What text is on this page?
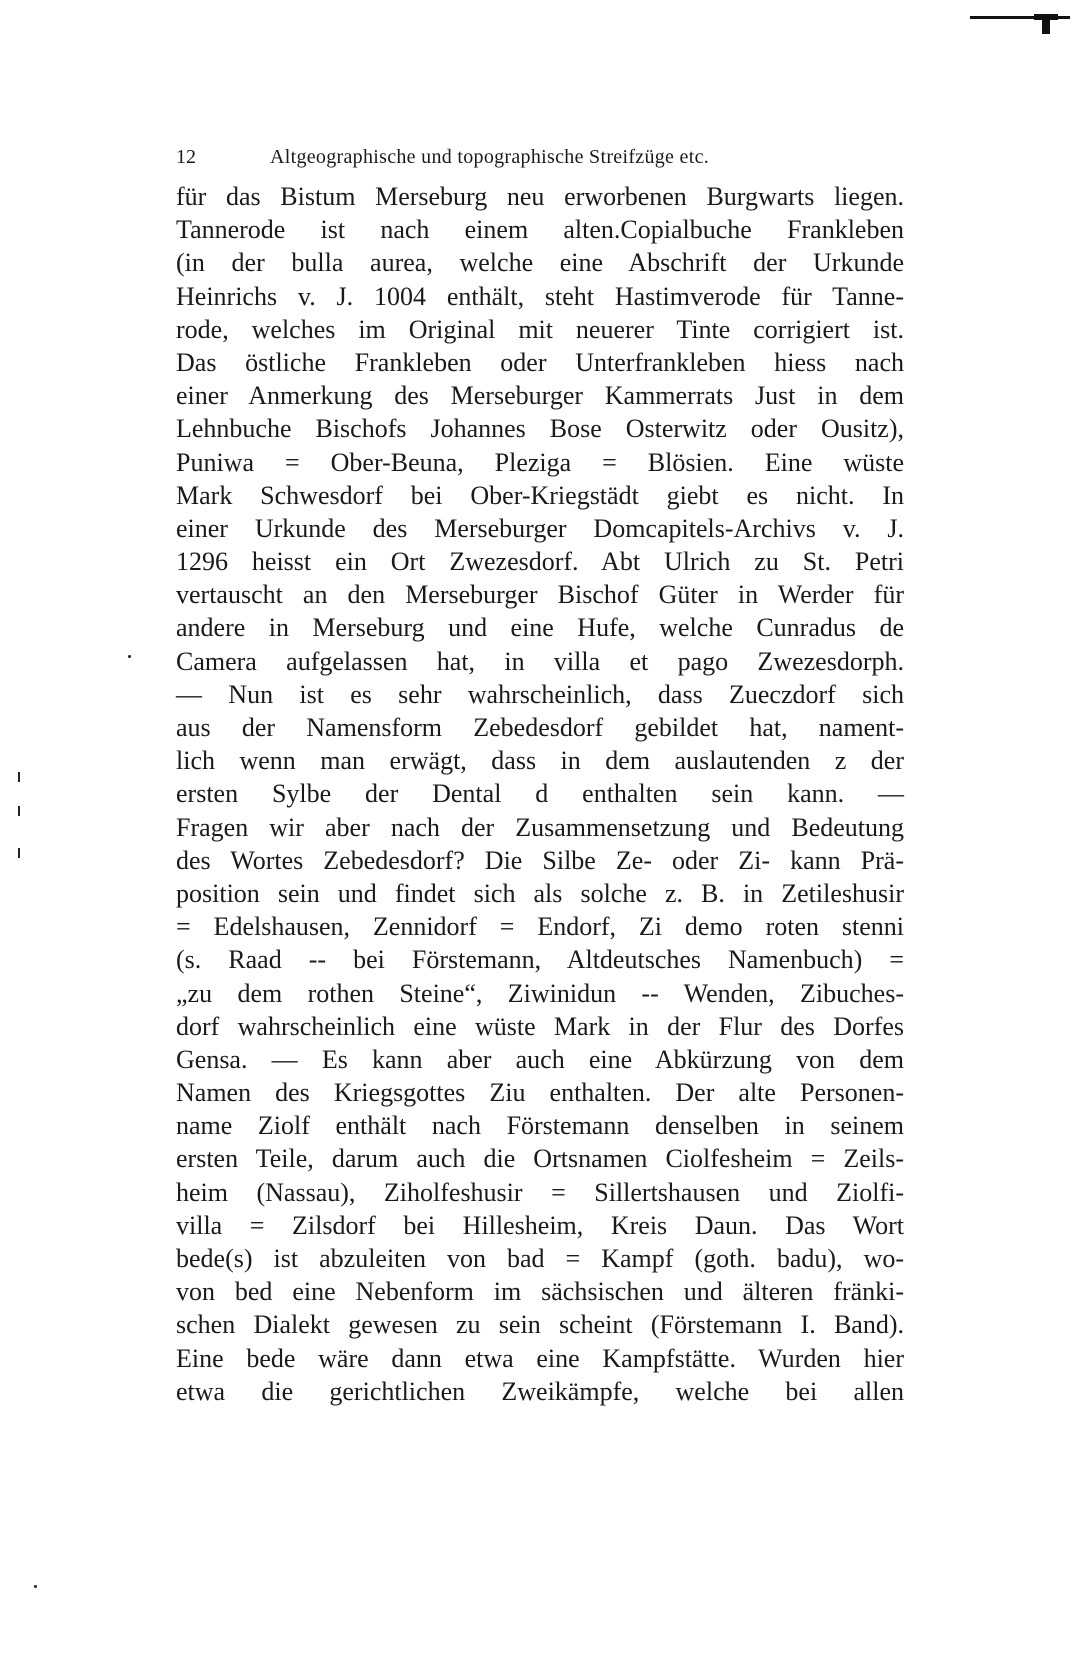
12	Altgeographische und topographische Streifzüge etc.
für das Bistum Merseburg neu erworbenen Burgwarts liegen.
Tannerode ist nach einem alten.Copialbuche Frankleben
(in der bulla aurea, welche eine Abschrift der Urkunde
Heinrichs v. J. 1004 enthält, steht Hastimverode für Tanne-
rode, welches im Original mit neuerer Tinte corrigiert ist.
Das östliche Frankleben oder Unterfrankleben hiess nach
einer Anmerkung des Merseburger Kammerrats Just in dem
Lehnbuche Bischofs Johannes Bose Osterwitz oder Ousitz),
Puniwa = Ober-Beuna, Pleziga = Blösien. Eine wüste
Mark Schwesdorf bei Ober-Kriegstädt giebt es nicht. In
einer Urkunde des Merseburger Domcapitels-Archivs v. J.
1296 heisst ein Ort Zwezesdorf. Abt Ulrich zu St. Petri
vertauscht an den Merseburger Bischof Güter in Werder für
andere in Merseburg und eine Hufe, welche Cunradus de
Camera aufgelassen hat, in villa et pago Zwezesdorph.
— Nun ist es sehr wahrscheinlich, dass Zueczdorf sich
aus der Namensform Zebedesdorf gebildet hat, nament-
lich wenn man erwägt, dass in dem auslautenden z der
ersten Sylbe der Dental d enthalten sein kann. —
Fragen wir aber nach der Zusammensetzung und Bedeutung
des Wortes Zebedesdorf? Die Silbe Ze- oder Zi- kann Prä-
position sein und findet sich als solche z. B. in Zetileshusir
= Edelshausen, Zennidorf = Endorf, Zi demo roten stenni
(s. Raad -- bei Förstemann, Altdeutsches Namenbuch) =
„zu dem rothen Steine“, Ziwinidun -- Wenden, Zibuches-
dorf wahrscheinlich eine wüste Mark in der Flur des Dorfes
Gensa. — Es kann aber auch eine Abkürzung von dem
Namen des Kriegsgottes Ziu enthalten. Der alte Personen-
name Ziolf enthält nach Förstemann denselben in seinem
ersten Teile, darum auch die Ortsnamen Ciolfesheim = Zeils-
heim (Nassau), Ziholfeshusir = Sillertshausen und Ziolfi-
villa = Zilsdorf bei Hillesheim, Kreis Daun. Das Wort
bede(s) ist abzuleiten von bad = Kampf (goth. badu), wo-
von bed eine Nebenform im sächsischen und älteren fränki-
schen Dialekt gewesen zu sein scheint (Förstemann I. Band).
Eine bede wäre dann etwa eine Kampfstätte. Wurden hier
etwa die gerichtlichen Zweikämpfe, welche bei allen
